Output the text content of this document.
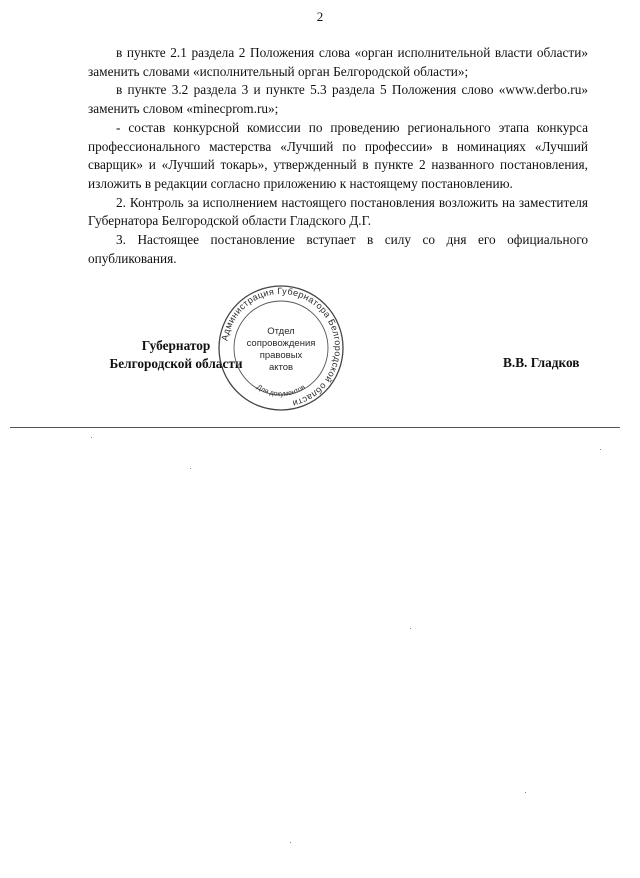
2

в пункте 2.1 раздела 2 Положения слова «орган исполнительной власти области» заменить словами «исполнительный орган Белгородской области»;

в пункте 3.2 раздела 3 и пункте 5.3 раздела 5 Положения слово «www.derbo.ru» заменить словом «minecprom.ru»;

- состав конкурсной комиссии по проведению регионального этапа конкурса профессионального мастерства «Лучший по профессии» в номинациях «Лучший сварщик» и «Лучший токарь», утвержденный в пункте 2 названного постановления, изложить в редакции согласно приложению к настоящему постановлению.

2. Контроль за исполнением настоящего постановления возложить на заместителя Губернатора Белгородской области Гладского Д.Г.

3. Настоящее постановление вступает в силу со дня его официального опубликования.

Губернатор
Белгородской области
Администрация Губернатора Белгородской области
Для документов
Отдел
сопровождения
правовых
актов	В.В. Гладков
